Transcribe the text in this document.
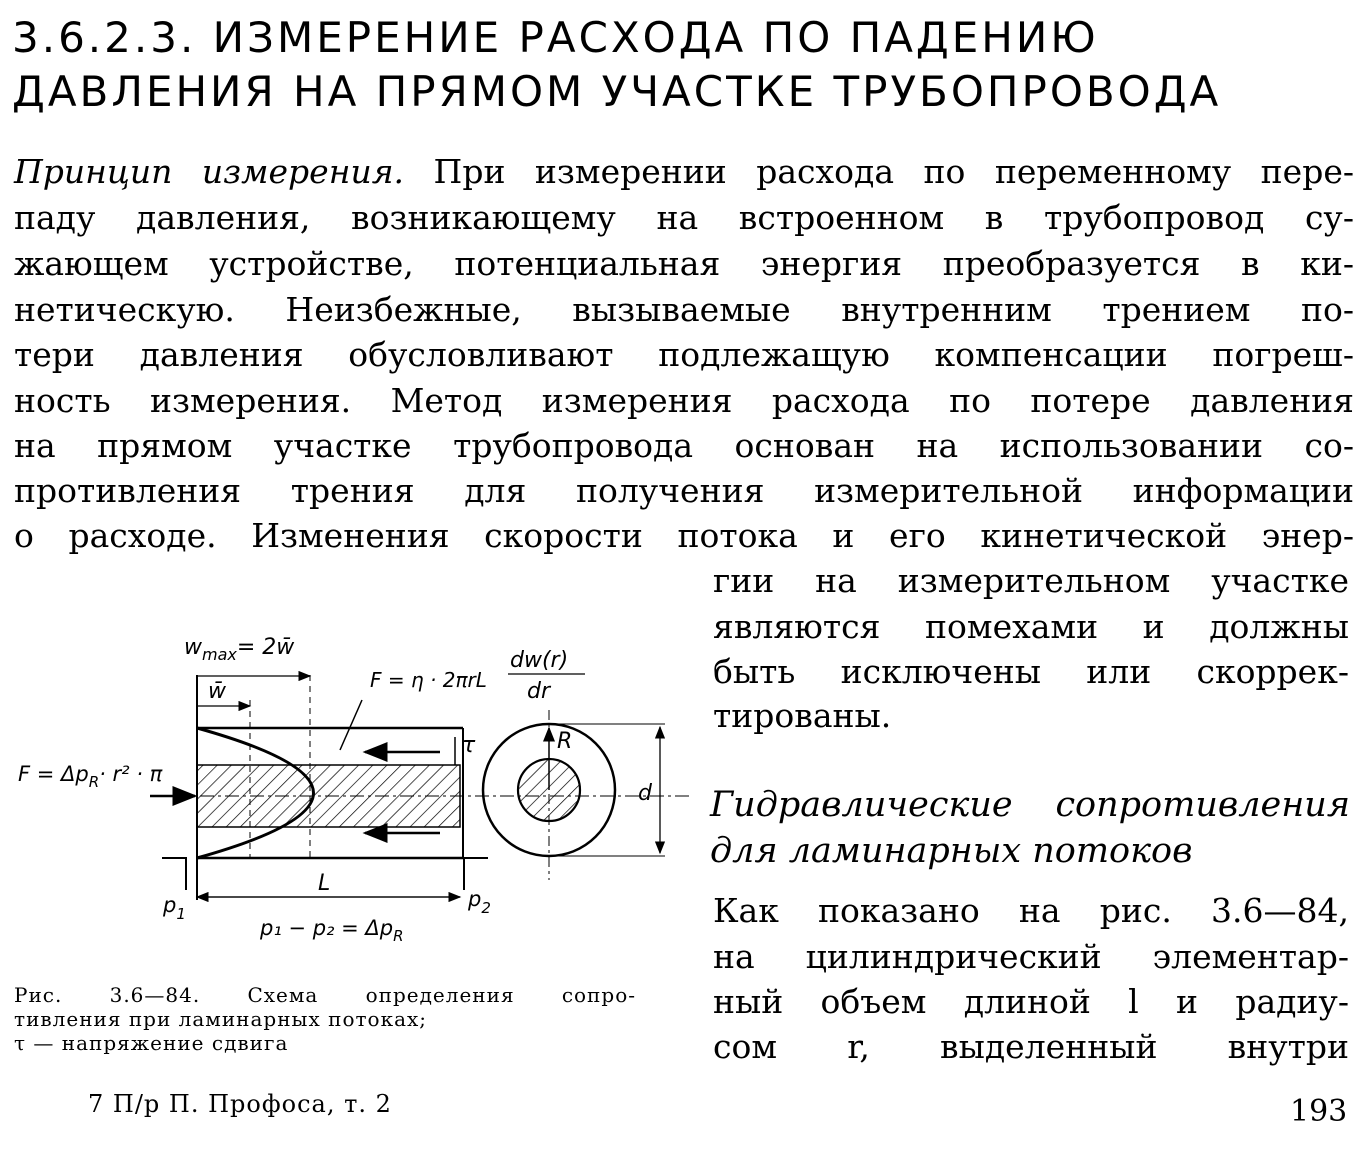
3.6.2.3. ИЗМЕРЕНИЕ РАСХОДА ПО ПАДЕНИЮ
ДАВЛЕНИЯ НА ПРЯМОМ УЧАСТКЕ ТРУБОПРОВОДА
Принцип измерения. При измерении расхода по переменному пере-
паду давления, возникающему на встроенном в трубопровод су-
жающем устройстве, потенциальная энергия преобразуется в ки-
нетическую. Неизбежные, вызываемые внутренним трением по-
тери давления обусловливают подлежащую компенсации погреш-
ность измерения. Метод измерения расхода по потере давления
на прямом участке трубопровода основан на использовании со-
противления трения для получения измерительной информации
о расходе. Изменения скорости потока и его кинетической энер-
гии на измерительном участке
являются помехами и должны
быть исключены или скоррек-
тированы.
Гидравлические сопротивления
для ламинарных потоков
Как показано на рис. 3.6—84,
на цилиндрический элементар-
ный объем длиной l и радиу-
сом r, выделенный внутри
$w_{max}=$ 2w̄
w̄	F = η · 2πrL
dw(r)
dr
$F = \Delta p_R\cdot r^2 \cdot \pi$
τ	R
d
L
$p_1$
$p_2$
$p_1 - p_2 = \Delta p_R$
Рис. 3.6—84. Схема определения сопро-
тивления при ламинарных потоках;
τ — напряжение сдвига
7 П/р П. Профоса, т. 2	193
